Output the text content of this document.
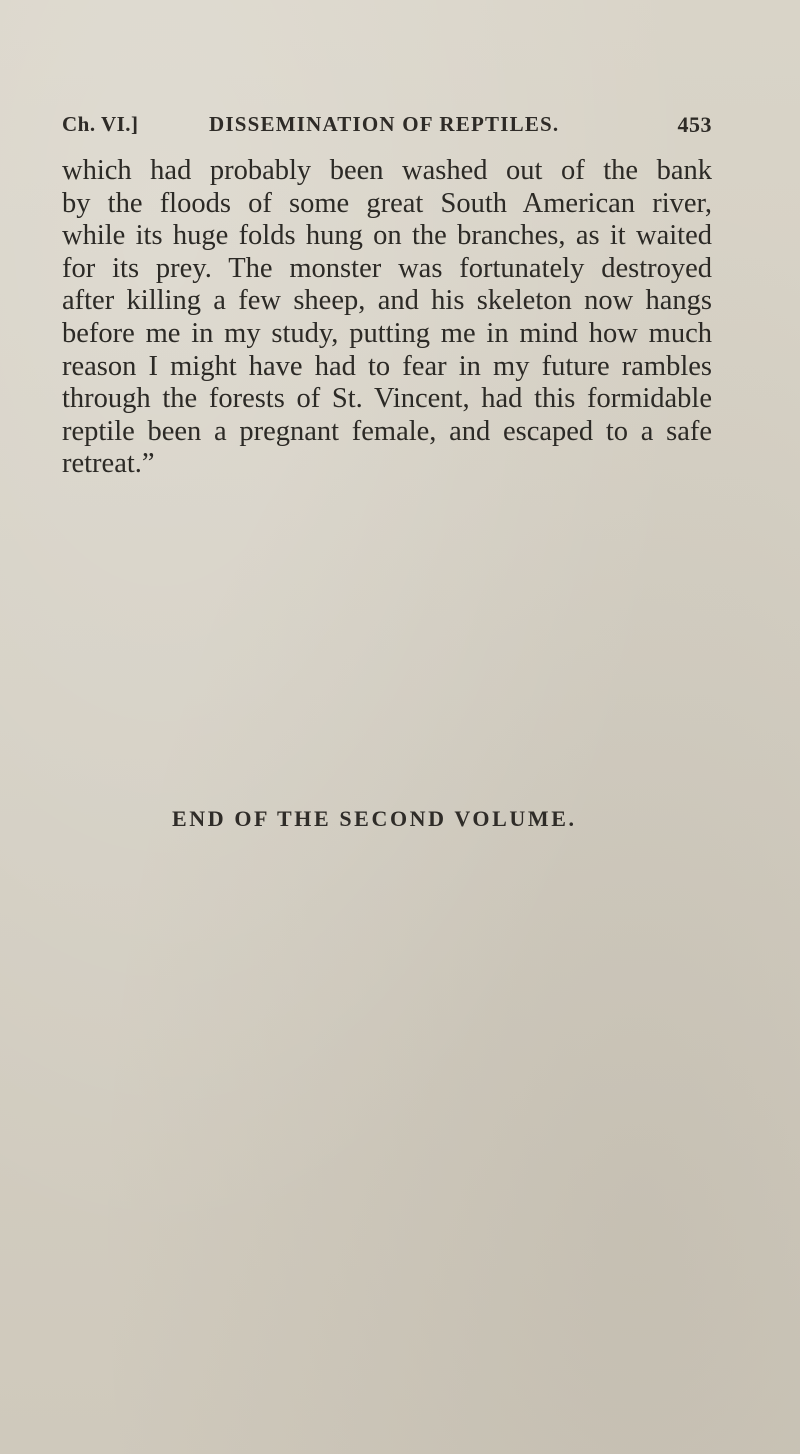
Ch. VI.]	DISSEMINATION OF REPTILES.	453
which had probably been washed out of the bank
by the floods of some great South American river,
while its huge folds hung on the branches, as it waited
for its prey. The monster was fortunately destroyed
after killing a few sheep, and his skeleton now hangs
before me in my study, putting me in mind how much
reason I might have had to fear in my future rambles
through the forests of St. Vincent, had this formidable
reptile been a pregnant female, and escaped to a safe
retreat.”
END OF THE SECOND VOLUME.
